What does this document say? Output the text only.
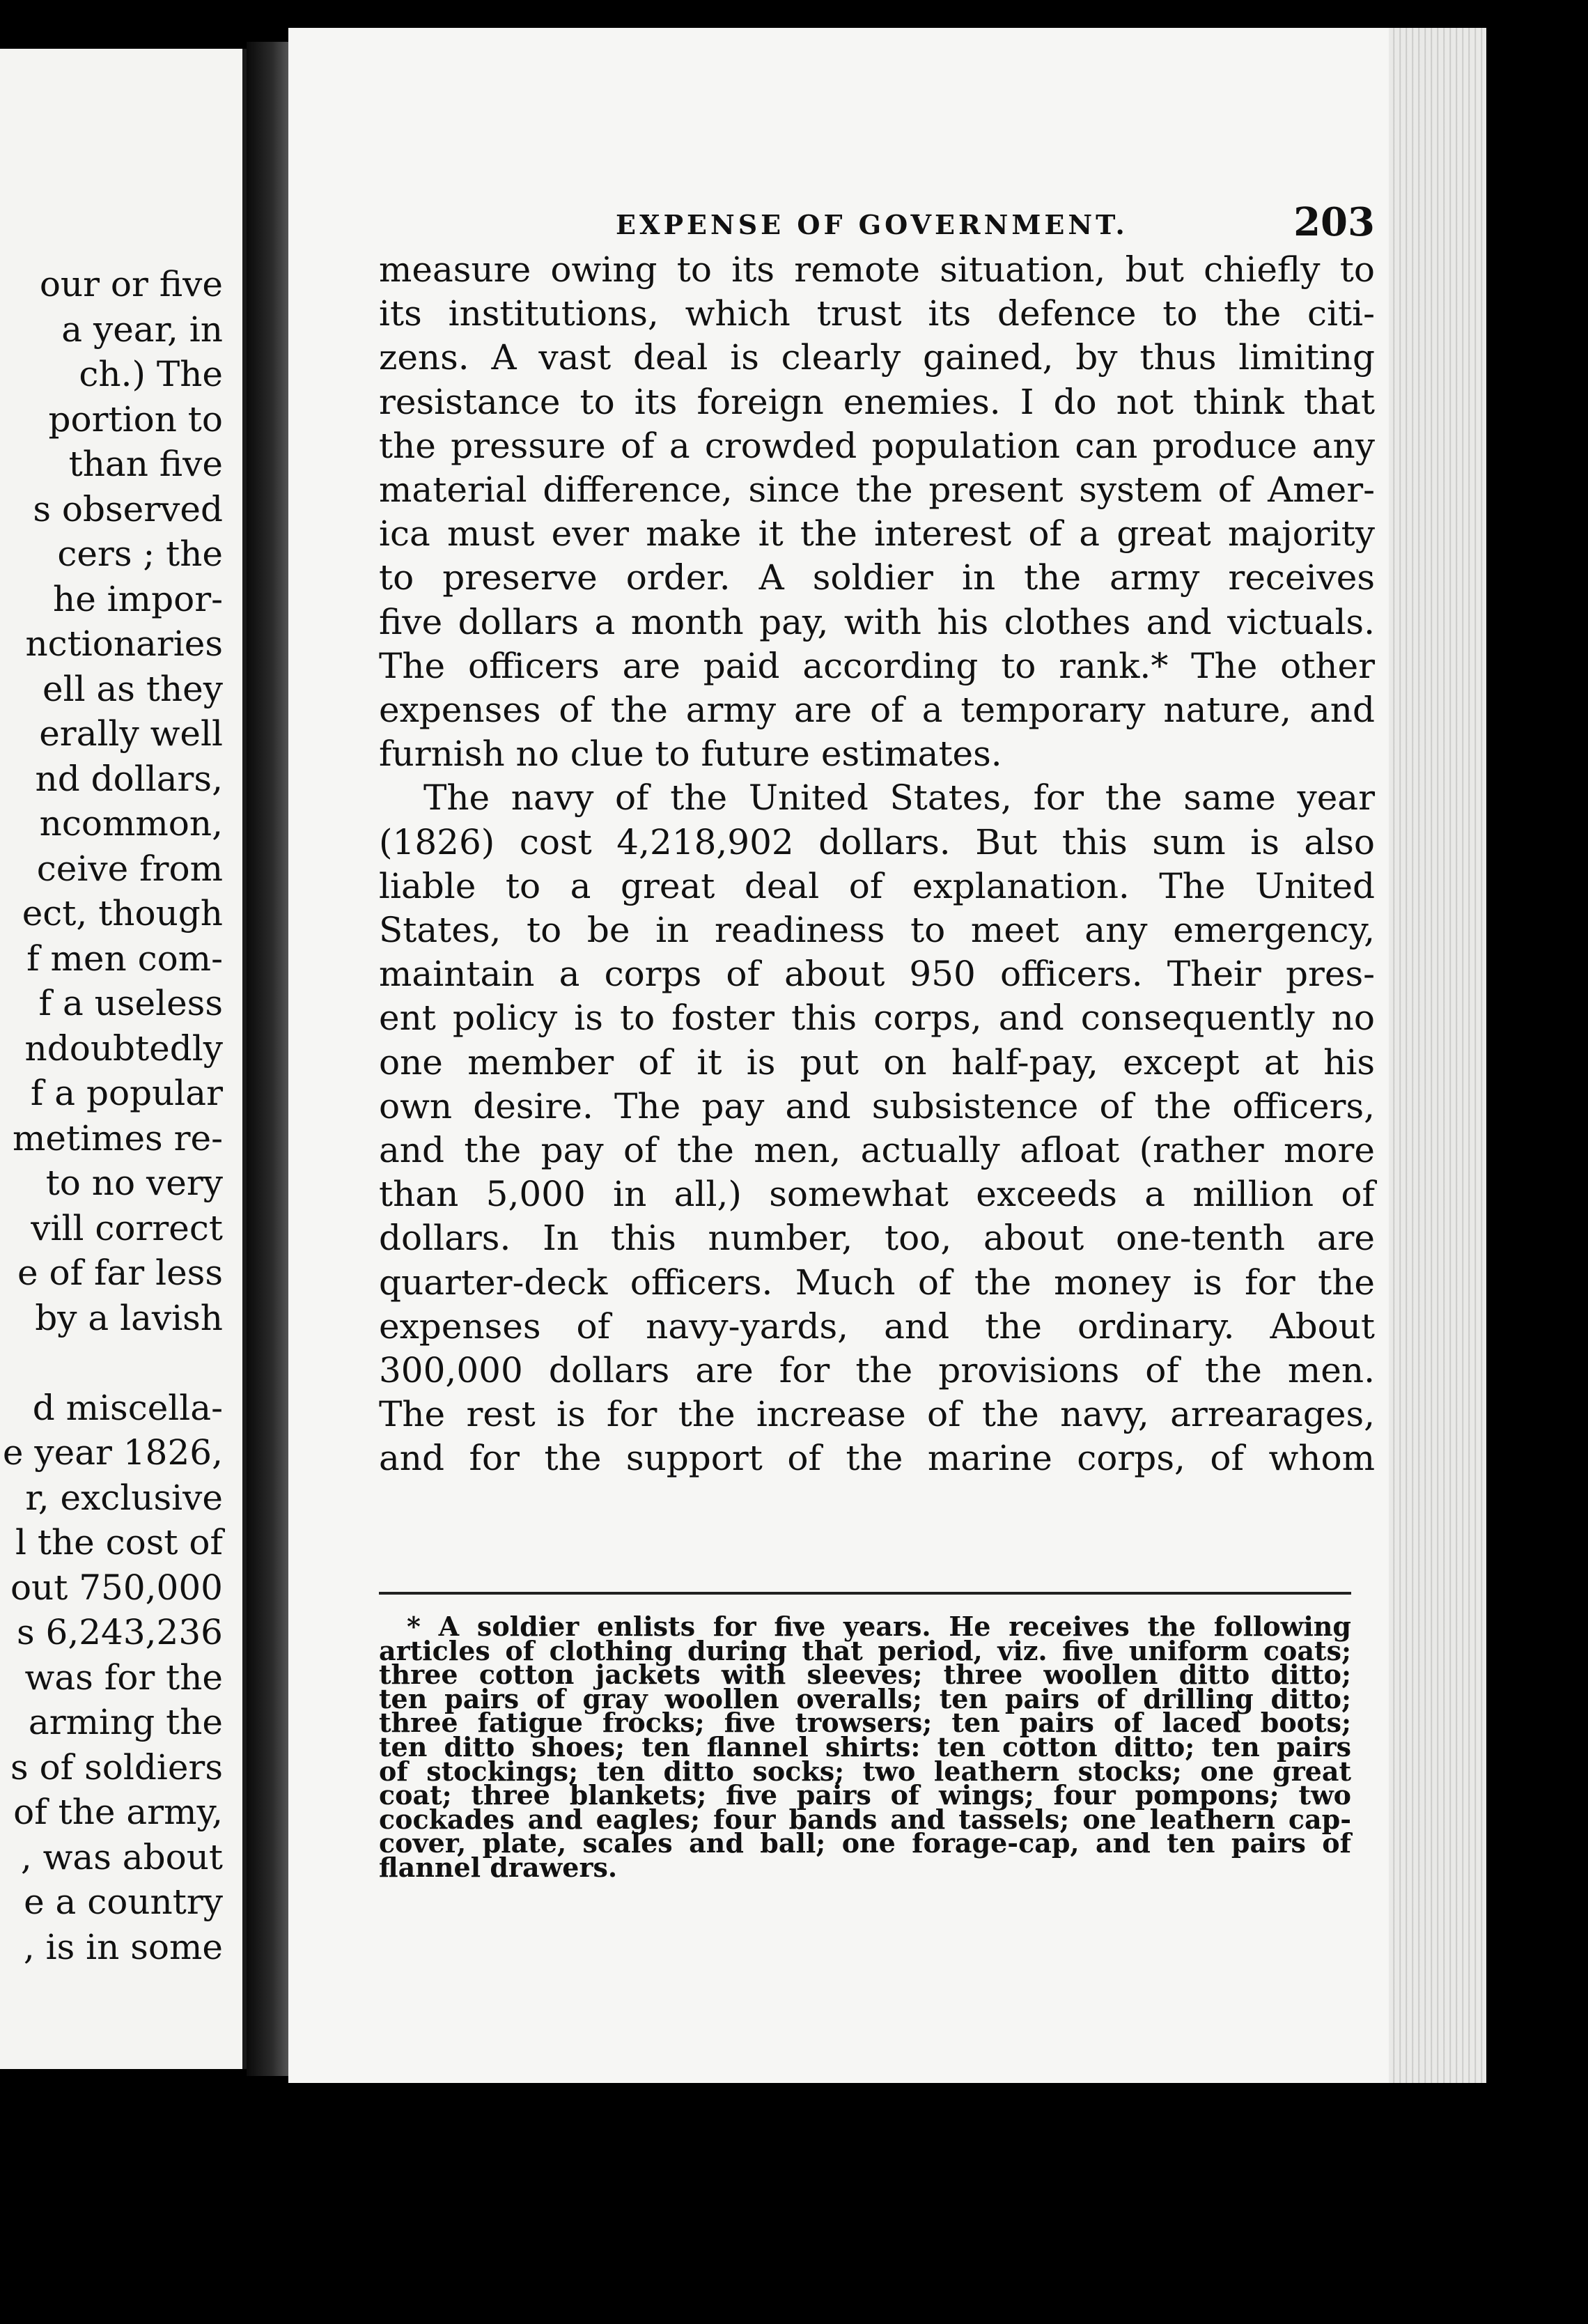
our or five
a year, in
ch.) The
portion to
than five
s observed
cers ; the
he impor-
nctionaries
ell as they
erally well
nd dollars,
ncommon,
ceive from
ect, though
f men com-
f a useless
ndoubtedly
f a popular
metimes re-
to no very
vill correct
e of far less
by a lavish

d miscella-
e year 1826,
r, exclusive
l the cost of
out 750,000
s 6,243,236
was for the
arming the
s of soldiers
of the army,
, was about
e a country
, is in some
EXPENSE OF GOVERNMENT.	203
measure owing to its remote situation, but chiefly to
its institutions, which trust its defence to the citi-
zens. A vast deal is clearly gained, by thus limiting
resistance to its foreign enemies. I do not think that
the pressure of a crowded population can produce any
material difference, since the present system of Amer-
ica must ever make it the interest of a great majority
to preserve order. A soldier in the army receives
five dollars a month pay, with his clothes and victuals.
The officers are paid according to rank.* The other
expenses of the army are of a temporary nature, and
furnish no clue to future estimates.
The navy of the United States, for the same year
(1826) cost 4,218,902 dollars. But this sum is also
liable to a great deal of explanation. The United
States, to be in readiness to meet any emergency,
maintain a corps of about 950 officers. Their pres-
ent policy is to foster this corps, and consequently no
one member of it is put on half-pay, except at his
own desire. The pay and subsistence of the officers,
and the pay of the men, actually afloat (rather more
than 5,000 in all,) somewhat exceeds a million of
dollars. In this number, too, about one-tenth are
quarter-deck officers. Much of the money is for the
expenses of navy-yards, and the ordinary. About
300,000 dollars are for the provisions of the men.
The rest is for the increase of the navy, arrearages,
and for the support of the marine corps, of whom
* A soldier enlists for five years. He receives the following
articles of clothing during that period, viz. five uniform coats;
three cotton jackets with sleeves; three woollen ditto ditto;
ten pairs of gray woollen overalls; ten pairs of drilling ditto;
three fatigue frocks; five trowsers; ten pairs of laced boots;
ten ditto shoes; ten flannel shirts: ten cotton ditto; ten pairs
of stockings; ten ditto socks; two leathern stocks; one great
coat; three blankets; five pairs of wings; four pompons; two
cockades and eagles; four bands and tassels; one leathern cap-
cover, plate, scales and ball; one forage-cap, and ten pairs of
flannel drawers.
